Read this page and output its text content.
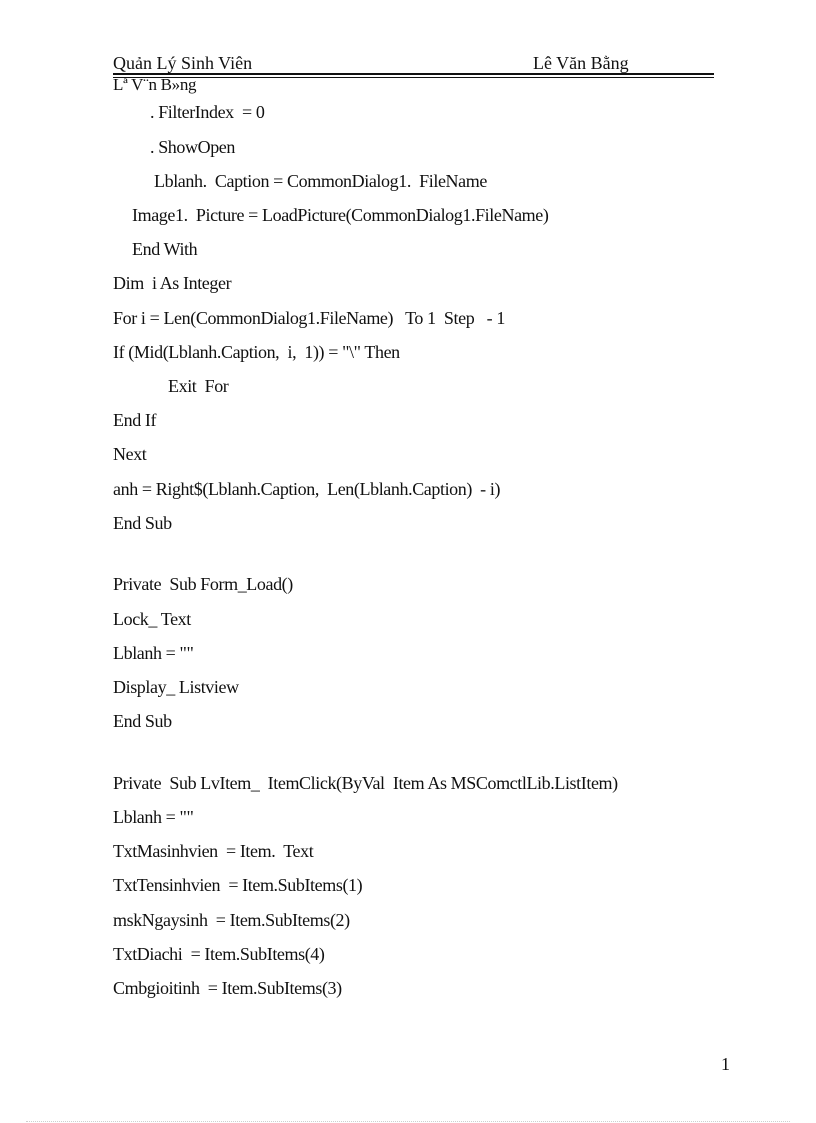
Quản Lý Sinh Viên	Lê Văn Bằng
Lª V¨n B»ng
. FilterIndex  = 0
. ShowOpen
Lblanh.  Caption = CommonDialog1.  FileName
Image1.  Picture = LoadPicture(CommonDialog1.FileName)
End With
Dim  i As Integer
For i = Len(CommonDialog1.FileName)   To 1  Step   - 1
If (Mid(Lblanh.Caption,  i,  1)) = "\" Then
Exit  For
End If
Next
anh = Right$(Lblanh.Caption,  Len(Lblanh.Caption)  - i)
End Sub
Private  Sub Form_Load()
Lock_ Text
Lblanh = ""
Display_ Listview
End Sub
Private  Sub LvItem_  ItemClick(ByVal  Item As MSComctlLib.ListItem)
Lblanh = ""
TxtMasinhvien  = Item.  Text
TxtTensinhvien  = Item.SubItems(1)
mskNgaysinh  = Item.SubItems(2)
TxtDiachi  = Item.SubItems(4)
Cmbgioitinh  = Item.SubItems(3)
1
